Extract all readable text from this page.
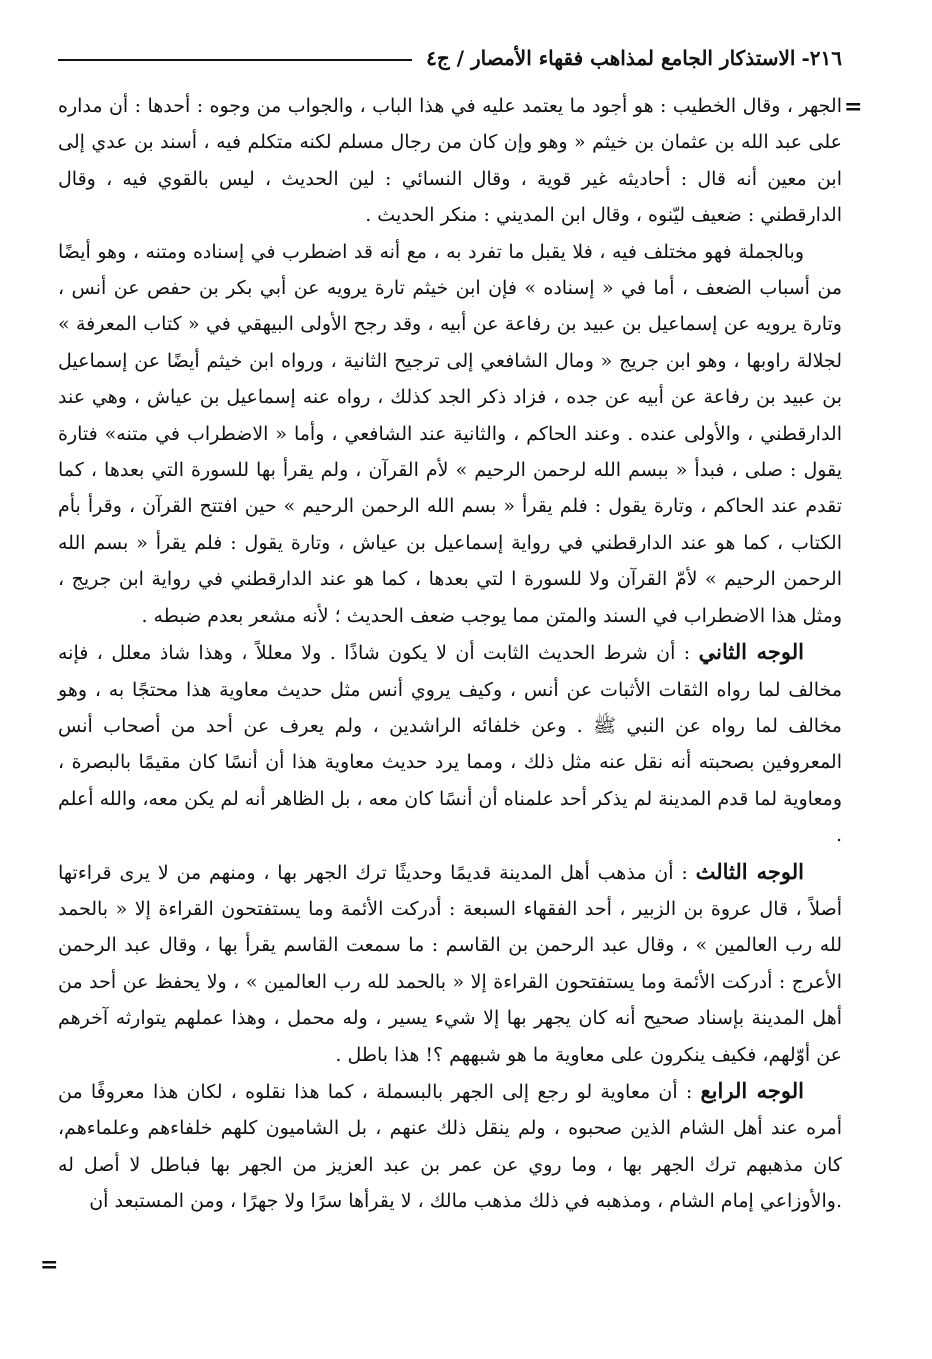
٢١٦-
الاستذكار الجامع لمذاهب فقهاء الأمصار / ج٤
=

الجهر ، وقال الخطيب : هو أجود ما يعتمد عليه في هذا الباب ، والجواب من وجوه : أحدها : أن مداره على عبد الله بن عثمان بن خيثم « وهو وإن كان من رجال مسلم لكنه متكلم فيه ، أسند بن عدي إلى ابن معين أنه قال : أحاديثه غير قوية ، وقال النسائي : لين الحديث ، ليس بالقوي فيه ، وقال الدارقطني : ضعيف ليّنوه ، وقال ابن المديني : منكر الحديث .

وبالجملة فهو مختلف فيه ، فلا يقبل ما تفرد به ، مع أنه قد اضطرب في إسناده ومتنه ، وهو أيضًا من أسباب الضعف ، أما في « إسناده » فإن ابن خيثم تارة يرويه عن أبي بكر بن حفص عن أنس ، وتارة يرويه عن إسماعيل بن عبيد بن رفاعة عن أبيه ، وقد رجح الأولى البيهقي في « كتاب المعرفة » لجلالة راوبها ، وهو ابن جريج « ومال الشافعي إلى ترجيح الثانية ، ورواه ابن خيثم أيضًا عن إسماعيل بن عبيد بن رفاعة عن أبيه عن جده ، فزاد ذكر الجد كذلك ، رواه عنه إسماعيل بن عياش ، وهي عند الدارقطني ، والأولى عنده . وعند الحاكم ، والثانية عند الشافعي ، وأما « الاضطراب في متنه» فتارة يقول : صلى ، فبدأ « ببسم الله لرحمن الرحيم » لأم القرآن ، ولم يقرأ بها للسورة التي بعدها ، كما تقدم عند الحاكم ، وتارة يقول : فلم يقرأ « بسم الله الرحمن الرحيم » حين افتتح القرآن ، وقرأ بأم الكتاب ، كما هو عند الدارقطني في رواية إسماعيل بن عياش ، وتارة يقول : فلم يقرأ « بسم الله الرحمن الرحيم » لأمّ القرآن ولا للسورة ا لتي بعدها ، كما هو عند الدارقطني في رواية ابن جريج ، ومثل هذا الاضطراب في السند والمتن مما يوجب ضعف الحديث ؛ لأنه مشعر بعدم ضبطه .

الوجه الثاني : أن شرط الحديث الثابت أن لا يكون شاذًا . ولا معللاً ، وهذا شاذ معلل ، فإنه مخالف لما رواه الثقات الأثبات عن أنس ، وكيف يروي أنس مثل حديث معاوية هذا محتجًا به ، وهو مخالف لما رواه عن النبي ﷺ . وعن خلفائه الراشدين ، ولم يعرف عن أحد من أصحاب أنس المعروفين بصحبته أنه نقل عنه مثل ذلك ، ومما يرد حديث معاوية هذا أن أنسًا كان مقيمًا بالبصرة ، ومعاوية لما قدم المدينة لم يذكر أحد علمناه أن أنسًا كان معه ، بل الظاهر أنه لم يكن معه، والله أعلم .

الوجه الثالث : أن مذهب أهل المدينة قديمًا وحديثًا ترك الجهر بها ، ومنهم من لا يرى قراءتها أصلاً ، قال عروة بن الزبير ، أحد الفقهاء السبعة : أدركت الأئمة وما يستفتحون القراءة إلا « بالحمد لله رب العالمين » ، وقال عبد الرحمن بن القاسم : ما سمعت القاسم يقرأ بها ، وقال عبد الرحمن الأعرج : أدركت الأئمة وما يستفتحون القراءة إلا « بالحمد لله رب العالمين » ، ولا يحفظ عن أحد من أهل المدينة بإسناد صحيح أنه كان يجهر بها إلا شيء يسير ، وله محمل ، وهذا عملهم يتوارثه آخرهم عن أوّلهم، فكيف ينكرون على معاوية ما هو شبههم ؟! هذا باطل .

الوجه الرابع : أن معاوية لو رجع إلى الجهر بالبسملة ، كما هذا نقلوه ، لكان هذا معروفًا من أمره عند أهل الشام الذين صحبوه ، ولم ينقل ذلك عنهم ، بل الشاميون كلهم خلفاءهم وعلماءهم، كان مذهبهم ترك الجهر بها ، وما روي عن عمر بن عبد العزيز من الجهر بها فباطل لا أصل له .والأوزاعي إمام الشام ، ومذهبه في ذلك مذهب مالك ، لا يقرأها سرًا ولا جهرًا ، ومن المستبعد أن

=
